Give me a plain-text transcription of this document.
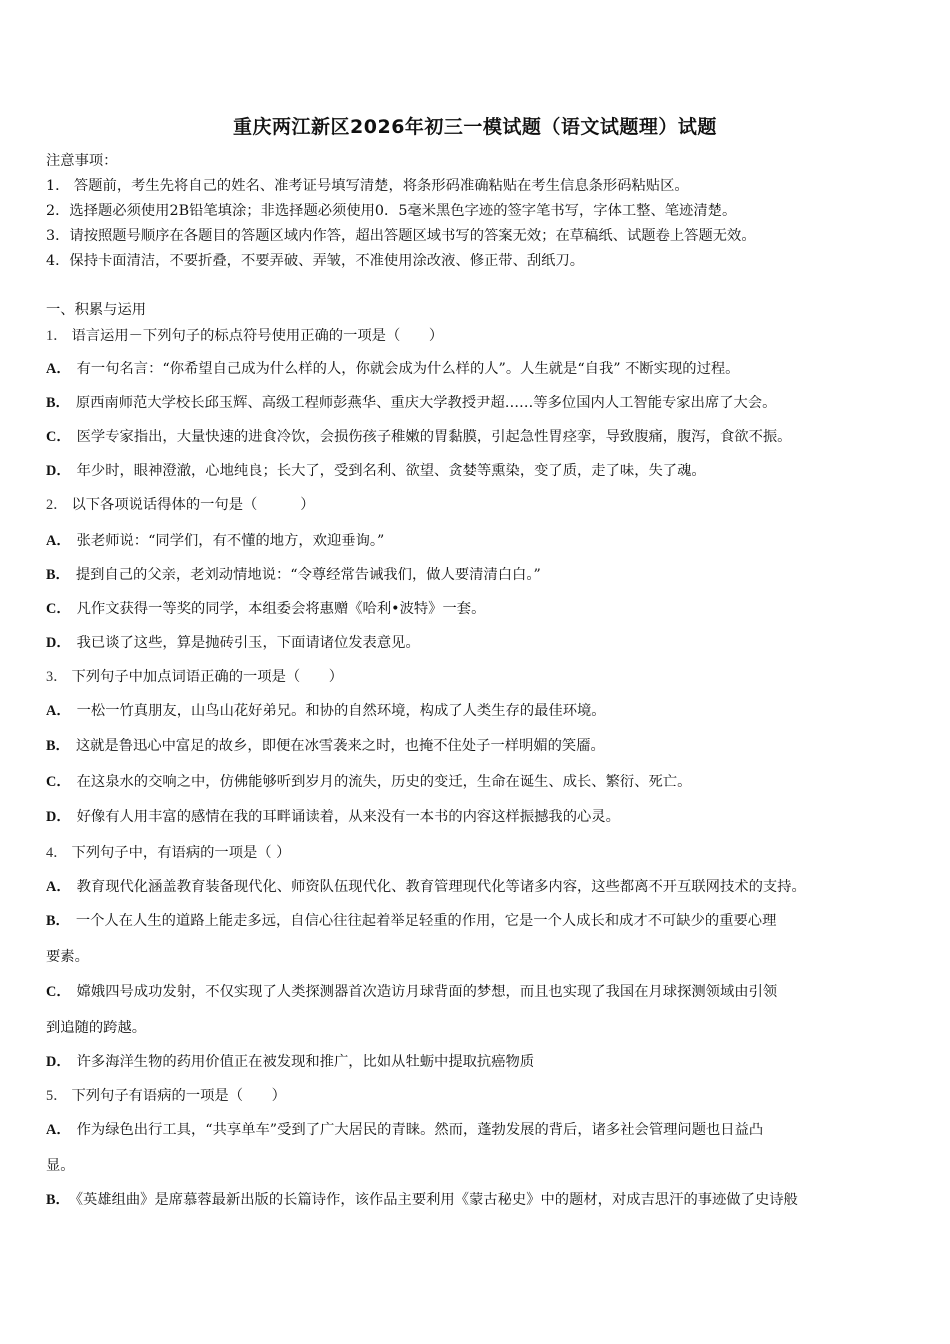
重庆两江新区2026年初三一模试题（语文试题理）试题
注意事项：
1． 答题前，考生先将自己的姓名、准考证号填写清楚，将条形码准确粘贴在考生信息条形码粘贴区。
2．选择题必须使用2B铅笔填涂；非选择题必须使用0．5毫米黑色字迹的签字笔书写，字体工整、笔迹清楚。
3．请按照题号顺序在各题目的答题区域内作答，超出答题区域书写的答案无效；在草稿纸、试题卷上答题无效。
4．保持卡面清洁，不要折叠，不要弄破、弄皱，不准使用涂改液、修正带、刮纸刀。
一、积累与运用
1． 语言运用－下列句子的标点符号使用正确的一项是（　　）
A． 有一句名言：“你希望自己成为什么样的人，你就会成为什么样的人”。人生就是“自我” 不断实现的过程。
B． 原西南师范大学校长邱玉辉、高级工程师彭燕华、重庆大学教授尹超……等多位国内人工智能专家出席了大会。
C． 医学专家指出，大量快速的进食冷饮，会损伤孩子稚嫩的胃黏膜，引起急性胃痉挛，导致腹痛，腹泻，食欲不振。
D． 年少时，眼神澄澈，心地纯良；长大了，受到名利、欲望、贪婪等熏染，变了质，走了味，失了魂。
2． 以下各项说话得体的一句是（　　　）
A． 张老师说：“同学们，有不懂的地方，欢迎垂询。”
B． 提到自己的父亲，老刘动情地说：“令尊经常告诫我们，做人要清清白白。”
C． 凡作文获得一等奖的同学，本组委会将惠赠《哈利•波特》一套。
D． 我已谈了这些，算是抛砖引玉，下面请诸位发表意见。
3． 下列句子中加点词语正确的一项是（　　）
A． 一松一竹真朋友，山鸟山花好弟兄。和协的自然环境，构成了人类生存的最佳环境。
B． 这就是鲁迅心中富足的故乡，即便在冰雪袭来之时，也掩不住处子一样明媚的笑靥。
C． 在这泉水的交响之中，仿佛能够听到岁月的流失，历史的变迁，生命在诞生、成长、繁衍、死亡。
D． 好像有人用丰富的感情在我的耳畔诵读着，从来没有一本书的内容这样振撼我的心灵。
4． 下列句子中，有语病的一项是（ ）
A． 教育现代化涵盖教育装备现代化、师资队伍现代化、教育管理现代化等诸多内容，这些都离不开互联网技术的支持。
B． 一个人在人生的道路上能走多远，自信心往往起着举足轻重的作用，它是一个人成长和成才不可缺少的重要心理
要素。
C． 嫦娥四号成功发射，不仅实现了人类探测器首次造访月球背面的梦想，而且也实现了我国在月球探测领域由引领
到追随的跨越。
D． 许多海洋生物的药用价值正在被发现和推广，比如从牡蛎中提取抗癌物质
5． 下列句子有语病的一项是（　　）
A． 作为绿色出行工具，“共享单车”受到了广大居民的青睐。然而，蓬勃发展的背后，诸多社会管理问题也日益凸
显。
B． 《英雄组曲》是席慕蓉最新出版的长篇诗作，该作品主要利用《蒙古秘史》中的题材，对成吉思汗的事迹做了史诗般
